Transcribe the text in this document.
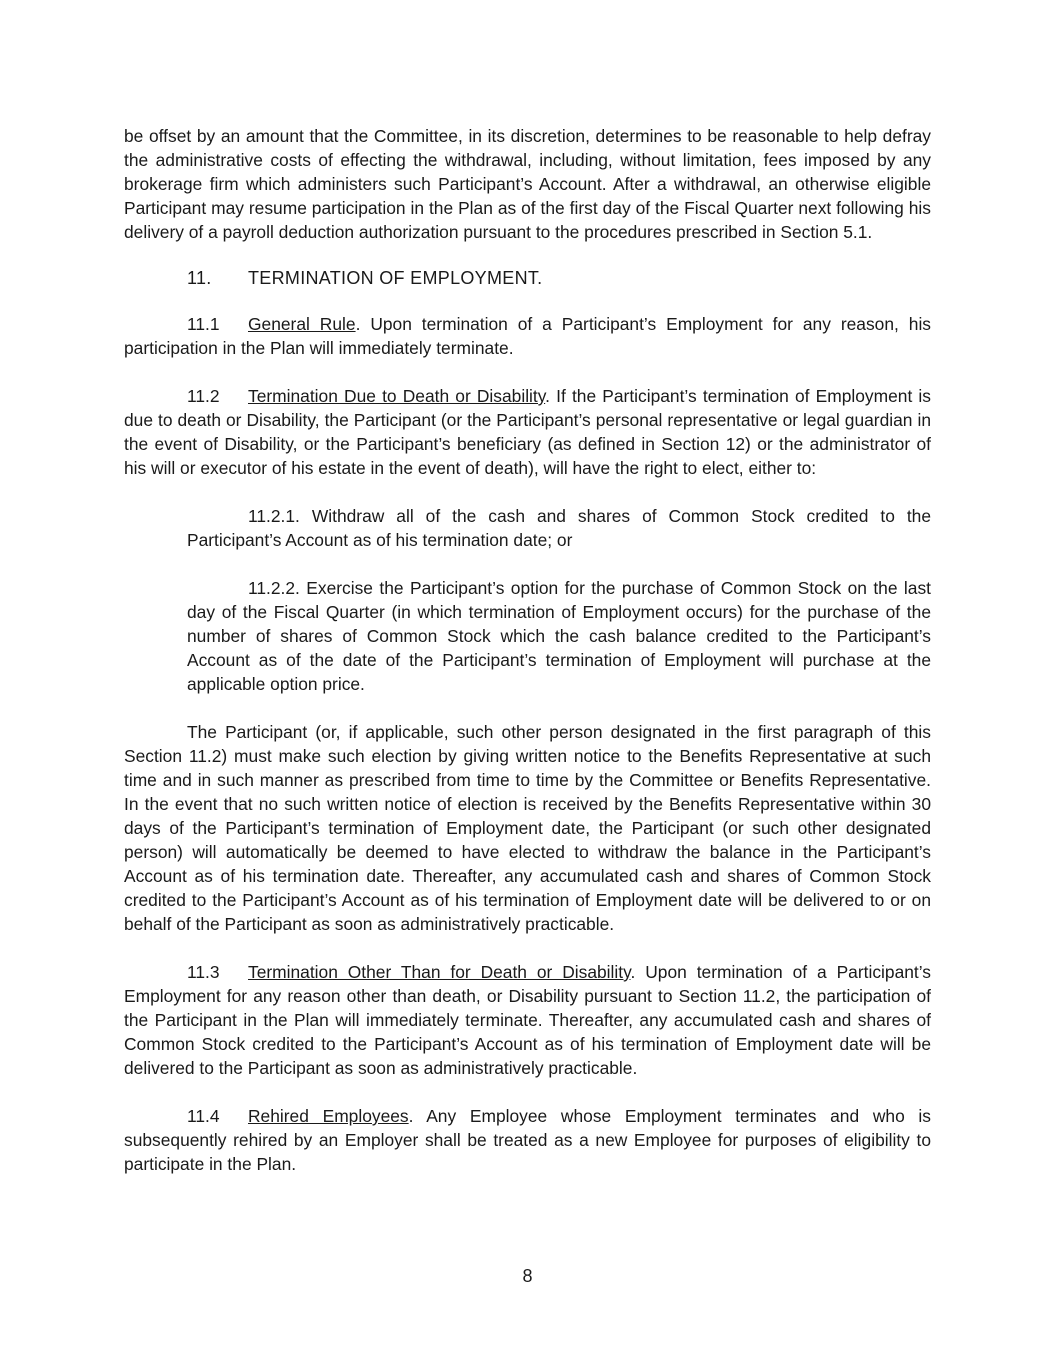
be offset by an amount that the Committee, in its discretion, determines to be reasonable to help defray the administrative costs of effecting the withdrawal, including, without limitation, fees imposed by any brokerage firm which administers such Participant’s Account. After a withdrawal, an otherwise eligible Participant may resume participation in the Plan as of the first day of the Fiscal Quarter next following his delivery of a payroll deduction authorization pursuant to the procedures prescribed in Section 5.1.

11. TERMINATION OF EMPLOYMENT.

11.1 General Rule. Upon termination of a Participant’s Employment for any reason, his participation in the Plan will immediately terminate.

11.2 Termination Due to Death or Disability. If the Participant’s termination of Employment is due to death or Disability, the Participant (or the Participant’s personal representative or legal guardian in the event of Disability, or the Participant’s beneficiary (as defined in Section 12) or the administrator of his will or executor of his estate in the event of death), will have the right to elect, either to:

11.2.1. Withdraw all of the cash and shares of Common Stock credited to the Participant’s Account as of his termination date; or

11.2.2. Exercise the Participant’s option for the purchase of Common Stock on the last day of the Fiscal Quarter (in which termination of Employment occurs) for the purchase of the number of shares of Common Stock which the cash balance credited to the Participant’s Account as of the date of the Participant’s termination of Employment will purchase at the applicable option price.

The Participant (or, if applicable, such other person designated in the first paragraph of this Section 11.2) must make such election by giving written notice to the Benefits Representative at such time and in such manner as prescribed from time to time by the Committee or Benefits Representative. In the event that no such written notice of election is received by the Benefits Representative within 30 days of the Participant’s termination of Employment date, the Participant (or such other designated person) will automatically be deemed to have elected to withdraw the balance in the Participant’s Account as of his termination date. Thereafter, any accumulated cash and shares of Common Stock credited to the Participant’s Account as of his termination of Employment date will be delivered to or on behalf of the Participant as soon as administratively practicable.

11.3 Termination Other Than for Death or Disability. Upon termination of a Participant’s Employment for any reason other than death, or Disability pursuant to Section 11.2, the participation of the Participant in the Plan will immediately terminate. Thereafter, any accumulated cash and shares of Common Stock credited to the Participant’s Account as of his termination of Employment date will be delivered to the Participant as soon as administratively practicable.

11.4 Rehired Employees. Any Employee whose Employment terminates and who is subsequently rehired by an Employer shall be treated as a new Employee for purposes of eligibility to participate in the Plan.

8
